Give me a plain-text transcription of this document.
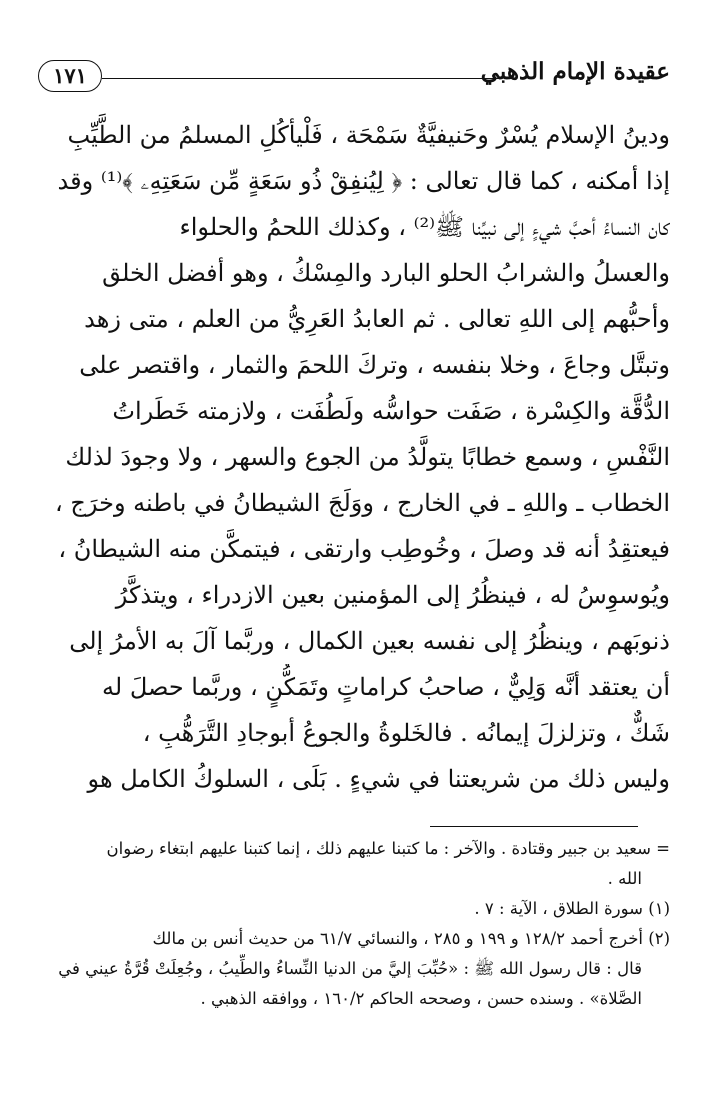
عقيدة الإمام الذهبي
١٧١
ودينُ الإسلام يُسْرٌ وحَنيفيَّةٌ سَمْحَة ، فَلْيأكُلِ المسلمُ من الطَّيِّبِ
إذا أمكنه ، كما قال تعالى : ﴿ لِيُنفِقْ ذُو سَعَةٍ مِّن سَعَتِهِۦ ﴾⁽¹⁾ وقد
كان النساءُ أحبَّ شيءٍ إلى نبيِّنا ﷺ⁽²⁾ ، وكذلك اللحمُ والحلواء
والعسلُ والشرابُ الحلو البارد والمِسْكُ ، وهو أفضل الخلق
وأحبُّهم إلى اللهِ تعالى . ثم العابدُ العَرِيُّ من العلم ، متى زهد
وتبتَّل وجاعَ ، وخلا بنفسه ، وتركَ اللحمَ والثمار ، واقتصر على
الدُّقَّة والكِسْرة ، صَفَت حواسُّه ولَطُفَت ، ولازمته خَطَراتُ
النَّفْسِ ، وسمع خطابًا يتولَّدُ من الجوع والسهر ، ولا وجودَ لذلك
الخطاب ـ واللهِ ـ في الخارج ، ووَلَجَ الشيطانُ في باطنه وخرَج ،
فيعتقِدُ أنه قد وصلَ ، وخُوطِب وارتقى ، فيتمكَّن منه الشيطانُ ،
ويُوسوِسُ له ، فينظُرُ إلى المؤمنين بعين الازدراء ، ويتذكَّرُ
ذنوبَهم ، وينظُرُ إلى نفسه بعين الكمال ، وربَّما آلَ به الأمرُ إلى
أن يعتقد أنَّه وَلِيٌّ ، صاحبُ كراماتٍ وتَمَكُّنٍ ، وربَّما حصلَ له
شَكٌّ ، وتزلزلَ إيمانُه . فالخَلوةُ والجوعُ أبوجادِ التَّرَهُّبِ ،
وليس ذلك من شريعتنا في شيءٍ . بَلَى ، السلوكُ الكامل هو
= سعيد بن جبير وقتادة . والآخر : ما كتبنا عليهم ذلك ، إنما كتبنا عليهم ابتغاء رضوان
الله .
(١) سورة الطلاق ، الآية : ٧ .
(٢) أخرج أحمد ١٢٨/٢ و ١٩٩ و ٢٨٥ ، والنسائي ٦١/٧ من حديث أنس بن مالك
قال : قال رسول الله ﷺ : «حُبِّبَ إليَّ من الدنيا النِّساءُ والطِّيبُ ، وجُعِلَتْ قُرَّةُ عيني في
الصَّلاة» . وسنده حسن ، وصححه الحاكم ١٦٠/٢ ، ووافقه الذهبي .
